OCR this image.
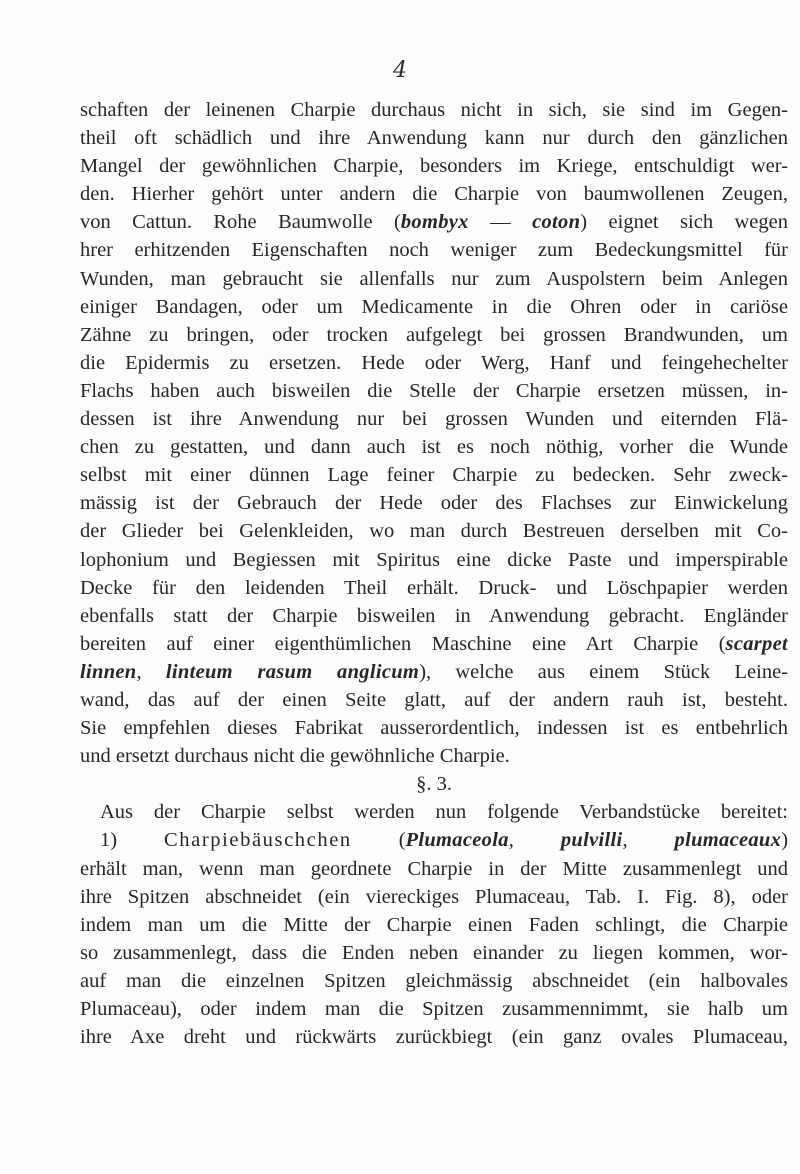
4
schaften der leinenen Charpie durchaus nicht in sich, sie sind im Gegen-
theil oft schädlich und ihre Anwendung kann nur durch den gänzlichen
Mangel der gewöhnlichen Charpie, besonders im Kriege, entschuldigt wer-
den. Hierher gehört unter andern die Charpie von baumwollenen Zeugen,
von Cattun. Rohe Baumwolle (bombyx — coton) eignet sich wegen
hrer erhitzenden Eigenschaften noch weniger zum Bedeckungsmittel für
Wunden, man gebraucht sie allenfalls nur zum Auspolstern beim Anlegen
einiger Bandagen, oder um Medicamente in die Ohren oder in cariöse
Zähne zu bringen, oder trocken aufgelegt bei grossen Brandwunden, um
die Epidermis zu ersetzen. Hede oder Werg, Hanf und feingehechelter
Flachs haben auch bisweilen die Stelle der Charpie ersetzen müssen, in-
dessen ist ihre Anwendung nur bei grossen Wunden und eiternden Flä-
chen zu gestatten, und dann auch ist es noch nöthig, vorher die Wunde
selbst mit einer dünnen Lage feiner Charpie zu bedecken. Sehr zweck-
mässig ist der Gebrauch der Hede oder des Flachses zur Einwickelung
der Glieder bei Gelenkleiden, wo man durch Bestreuen derselben mit Co-
lophonium und Begiessen mit Spiritus eine dicke Paste und imperspirable
Decke für den leidenden Theil erhält. Druck- und Löschpapier werden
ebenfalls statt der Charpie bisweilen in Anwendung gebracht. Engländer
bereiten auf einer eigenthümlichen Maschine eine Art Charpie (scarpet
linnen, linteum rasum anglicum), welche aus einem Stück Leine-
wand, das auf der einen Seite glatt, auf der andern rauh ist, besteht.
Sie empfehlen dieses Fabrikat ausserordentlich, indessen ist es entbehrlich
und ersetzt durchaus nicht die gewöhnliche Charpie.
§. 3.
Aus der Charpie selbst werden nun folgende Verbandstücke bereitet:
1) Charpiebäuschchen (Plumaceola, pulvilli, plumaceaux)
erhält man, wenn man geordnete Charpie in der Mitte zusammenlegt und
ihre Spitzen abschneidet (ein viereckiges Plumaceau, Tab. I. Fig. 8), oder
indem man um die Mitte der Charpie einen Faden schlingt, die Charpie
so zusammenlegt, dass die Enden neben einander zu liegen kommen, wor-
auf man die einzelnen Spitzen gleichmässig abschneidet (ein halbovales
Plumaceau), oder indem man die Spitzen zusammennimmt, sie halb um
ihre Axe dreht und rückwärts zurückbiegt (ein ganz ovales Plumaceau,
